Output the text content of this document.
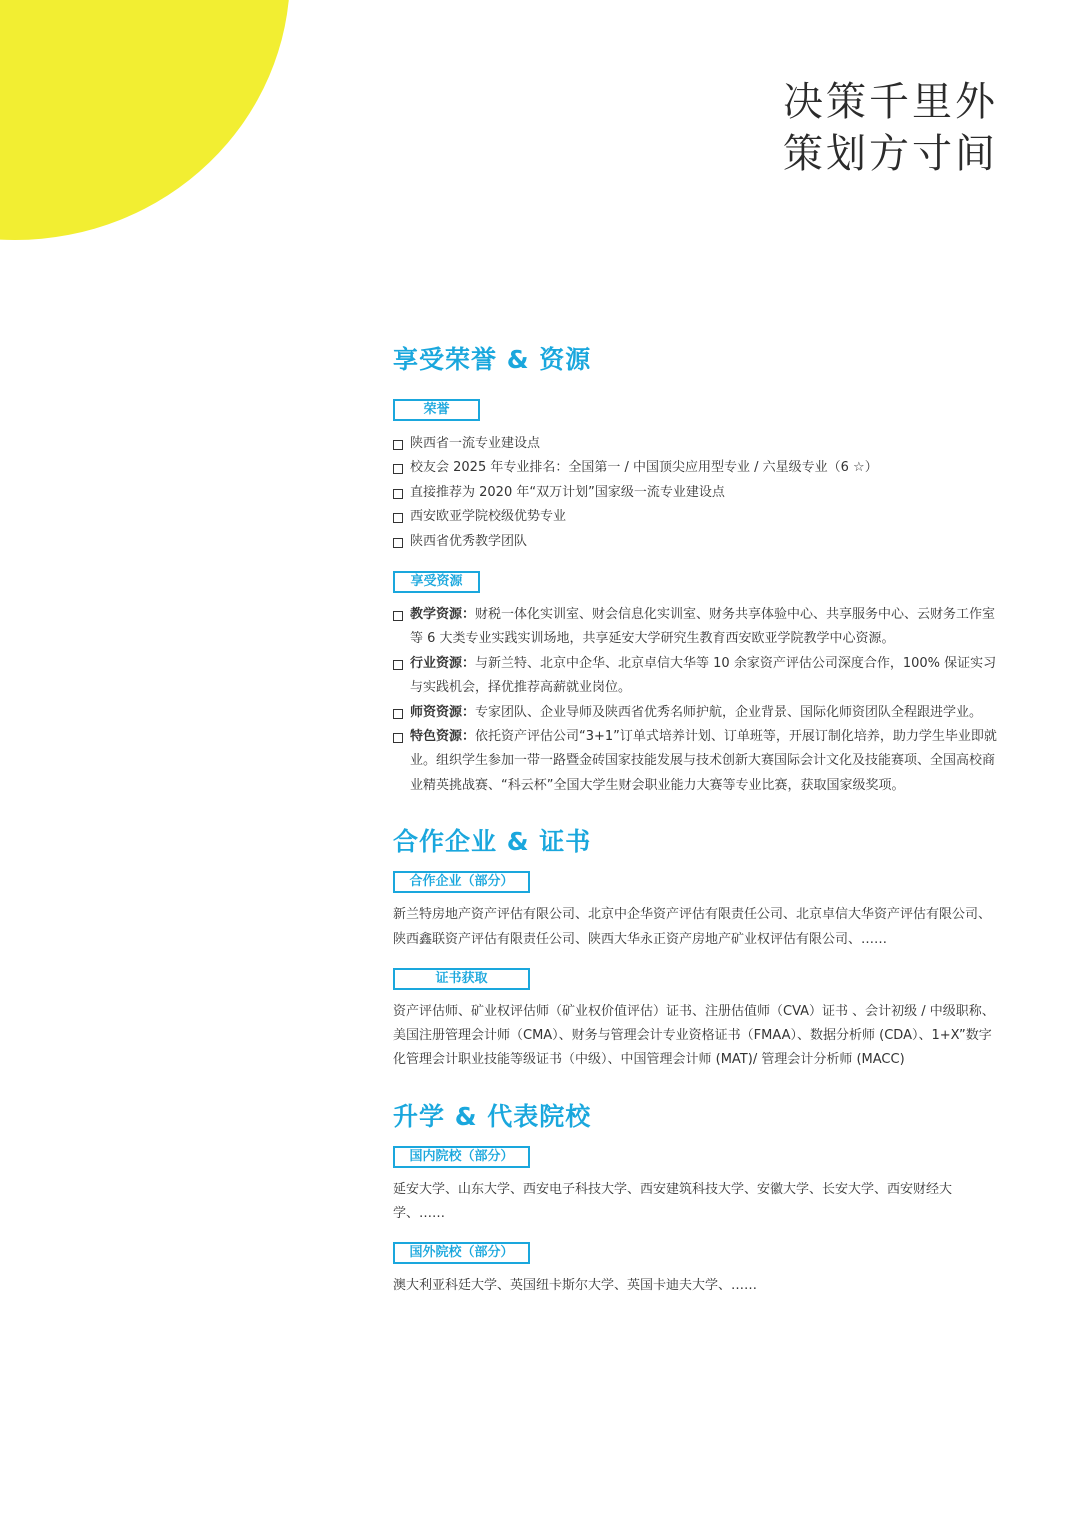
决策千里外
策划方寸间
享受荣誉 & 资源
荣誉
陕西省一流专业建设点
校友会 2025 年专业排名：全国第一 / 中国顶尖应用型专业 / 六星级专业（6 ☆）
直接推荐为 2020 年“双万计划”国家级一流专业建设点
西安欧亚学院校级优势专业
陕西省优秀教学团队
享受资源
教学资源：财税一体化实训室、财会信息化实训室、财务共享体验中心、共享服务中心、云财务工作室等 6 大类专业实践实训场地，共享延安大学研究生教育西安欧亚学院教学中心资源。
行业资源：与新兰特、北京中企华、北京卓信大华等 10 余家资产评估公司深度合作，100% 保证实习与实践机会，择优推荐高薪就业岗位。
师资资源：专家团队、企业导师及陕西省优秀名师护航，企业背景、国际化师资团队全程跟进学业。
特色资源：依托资产评估公司“3+1”订单式培养计划、订单班等，开展订制化培养，助力学生毕业即就业。组织学生参加一带一路暨金砖国家技能发展与技术创新大赛国际会计文化及技能赛项、全国高校商业精英挑战赛、“科云杯”全国大学生财会职业能力大赛等专业比赛，获取国家级奖项。
合作企业 & 证书
合作企业（部分）

新兰特房地产资产评估有限公司、北京中企华资产评估有限责任公司、北京卓信大华资产评估有限公司、陕西鑫联资产评估有限责任公司、陕西大华永正资产房地产矿业权评估有限公司、……

证书获取

资产评估师、矿业权评估师（矿业权价值评估）证书、注册估值师（CVA）证书 、会计初级 / 中级职称、美国注册管理会计师（CMA）、财务与管理会计专业资格证书（FMAA）、数据分析师 (CDA）、1+X”数字化管理会计职业技能等级证书（中级）、中国管理会计师 (MAT)/ 管理会计分析师 (MACC)

升学 & 代表院校
国内院校（部分）

延安大学、山东大学、西安电子科技大学、西安建筑科技大学、安徽大学、长安大学、西安财经大学、……

国外院校（部分）

澳大利亚科廷大学、英国纽卡斯尔大学、英国卡迪夫大学、……
